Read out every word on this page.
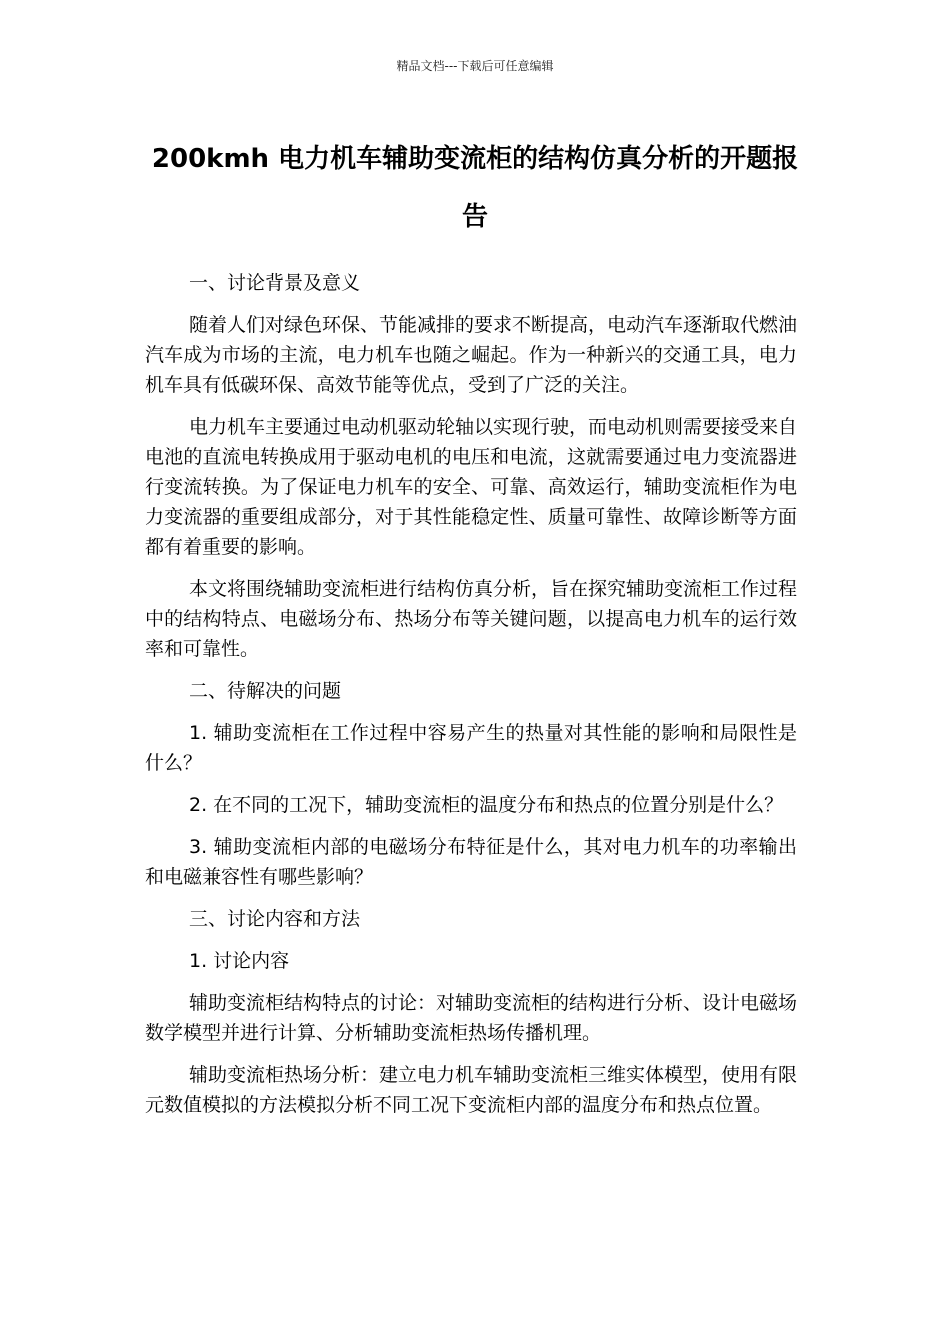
精品文档---下载后可任意编辑
200kmh 电力机车辅助变流柜的结构仿真分析的开题报告

一、讨论背景及意义

随着人们对绿色环保、节能减排的要求不断提高，电动汽车逐渐取代燃油汽车成为市场的主流，电力机车也随之崛起。作为一种新兴的交通工具，电力机车具有低碳环保、高效节能等优点，受到了广泛的关注。

电力机车主要通过电动机驱动轮轴以实现行驶，而电动机则需要接受来自电池的直流电转换成用于驱动电机的电压和电流，这就需要通过电力变流器进行变流转换。为了保证电力机车的安全、可靠、高效运行，辅助变流柜作为电力变流器的重要组成部分，对于其性能稳定性、质量可靠性、故障诊断等方面都有着重要的影响。

本文将围绕辅助变流柜进行结构仿真分析，旨在探究辅助变流柜工作过程中的结构特点、电磁场分布、热场分布等关键问题，以提高电力机车的运行效率和可靠性。

二、待解决的问题

1. 辅助变流柜在工作过程中容易产生的热量对其性能的影响和局限性是什么？

2. 在不同的工况下，辅助变流柜的温度分布和热点的位置分别是什么？

3. 辅助变流柜内部的电磁场分布特征是什么，其对电力机车的功率输出和电磁兼容性有哪些影响？

三、讨论内容和方法

1. 讨论内容

辅助变流柜结构特点的讨论：对辅助变流柜的结构进行分析、设计电磁场数学模型并进行计算、分析辅助变流柜热场传播机理。

辅助变流柜热场分析：建立电力机车辅助变流柜三维实体模型，使用有限元数值模拟的方法模拟分析不同工况下变流柜内部的温度分布和热点位置。
